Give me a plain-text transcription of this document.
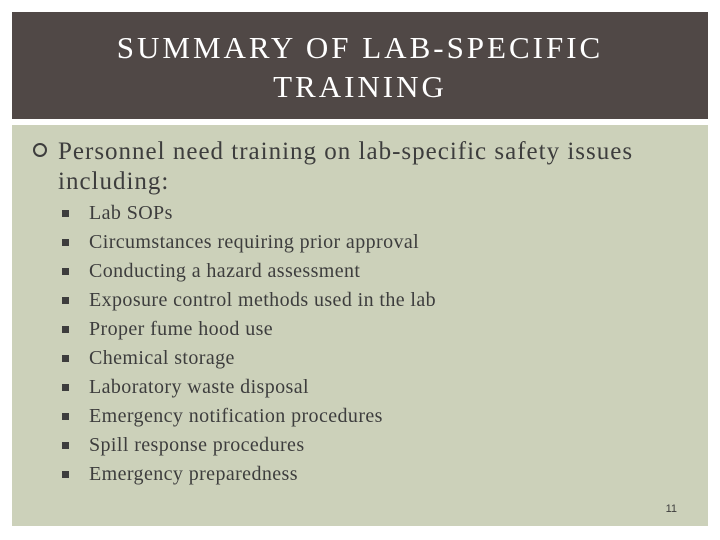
SUMMARY OF LAB-SPECIFIC TRAINING
Personnel need training on lab-specific safety issues including:
Lab SOPs
Circumstances requiring prior approval
Conducting a hazard assessment
Exposure control methods used in the lab
Proper fume hood use
Chemical storage
Laboratory waste disposal
Emergency notification procedures
Spill response procedures
Emergency preparedness
11
